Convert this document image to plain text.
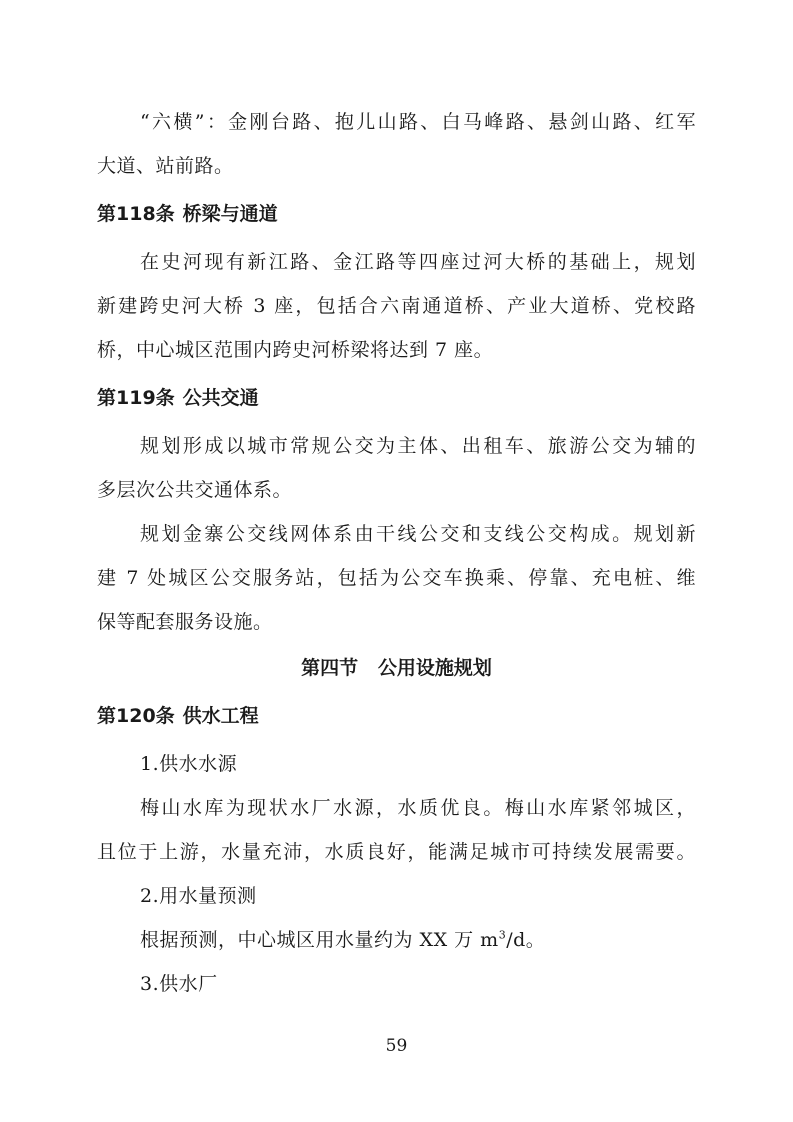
“六横”：金刚台路、抱儿山路、白马峰路、悬剑山路、红军
大道、站前路。
第118条 桥梁与通道
在史河现有新江路、金江路等四座过河大桥的基础上，规划
新建跨史河大桥 3 座，包括合六南通道桥、产业大道桥、党校路
桥，中心城区范围内跨史河桥梁将达到 7 座。
第119条 公共交通
规划形成以城市常规公交为主体、出租车、旅游公交为辅的
多层次公共交通体系。
规划金寨公交线网体系由干线公交和支线公交构成。规划新
建 7 处城区公交服务站，包括为公交车换乘、停靠、充电桩、维
保等配套服务设施。
第四节   公用设施规划
第120条 供水工程
1.供水水源
梅山水库为现状水厂水源，水质优良。梅山水库紧邻城区，
且位于上游，水量充沛，水质良好，能满足城市可持续发展需要。
2.用水量预测
根据预测，中心城区用水量约为 XX 万 $m^3/d$。
3.供水厂
59
